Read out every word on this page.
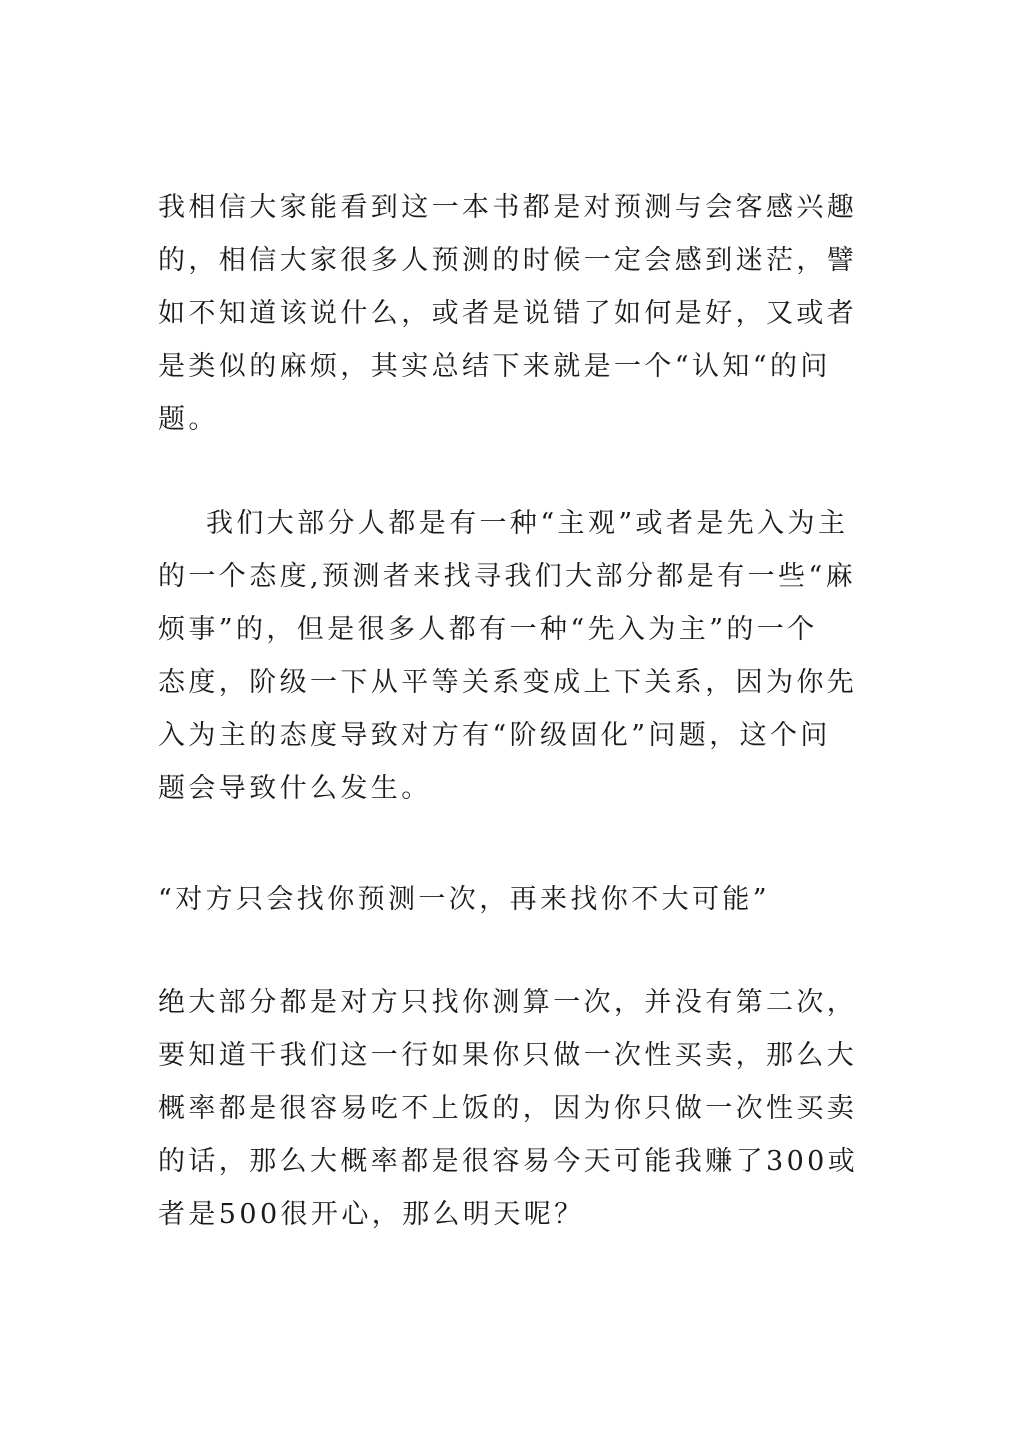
我相信大家能看到这一本书都是对预测与会客感兴趣
的，相信大家很多人预测的时候一定会感到迷茫，譬
如不知道该说什么，或者是说错了如何是好，又或者
是类似的麻烦，其实总结下来就是一个“认知“的问
题。

我们大部分人都是有一种“主观”或者是先入为主
的一个态度,预测者来找寻我们大部分都是有一些“麻
烦事”的，但是很多人都有一种“先入为主”的一个
态度，阶级一下从平等关系变成上下关系，因为你先
入为主的态度导致对方有“阶级固化”问题，这个问
题会导致什么发生。

“对方只会找你预测一次，再来找你不大可能”

绝大部分都是对方只找你测算一次，并没有第二次，
要知道干我们这一行如果你只做一次性买卖，那么大
概率都是很容易吃不上饭的，因为你只做一次性买卖
的话，那么大概率都是很容易今天可能我赚了300或
者是500很开心，那么明天呢？
